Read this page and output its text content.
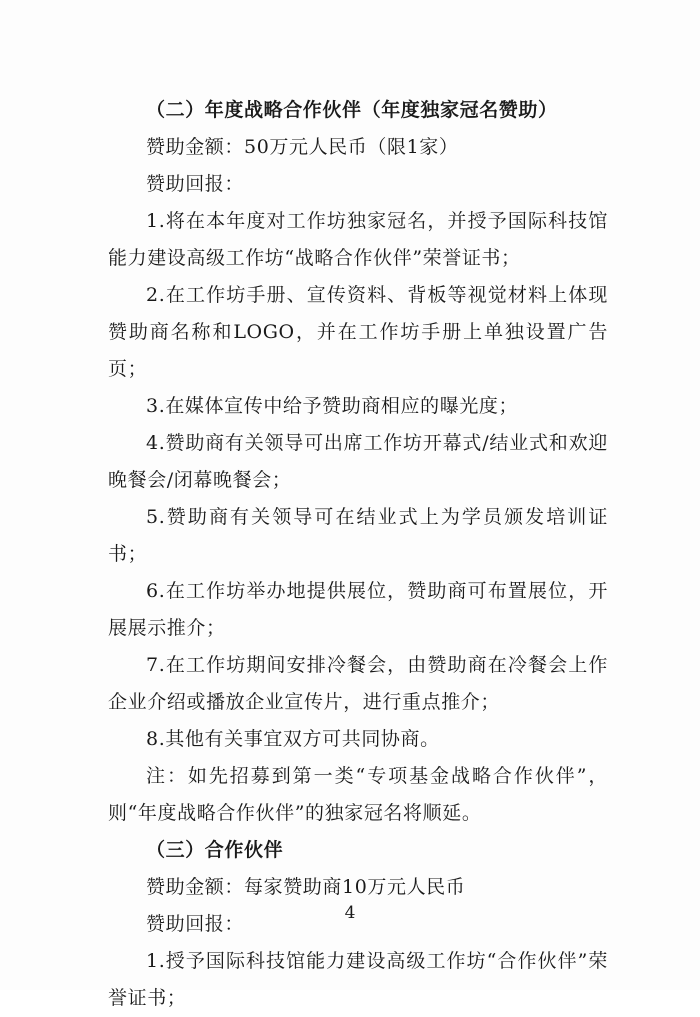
（二）年度战略合作伙伴（年度独家冠名赞助）

赞助金额：50万元人民币（限1家）

赞助回报：

1.将在本年度对工作坊独家冠名，并授予国际科技馆能力建设高级工作坊“战略合作伙伴”荣誉证书；

2.在工作坊手册、宣传资料、背板等视觉材料上体现赞助商名称和LOGO，并在工作坊手册上单独设置广告页；

3.在媒体宣传中给予赞助商相应的曝光度；

4.赞助商有关领导可出席工作坊开幕式/结业式和欢迎晚餐会/闭幕晚餐会；

5.赞助商有关领导可在结业式上为学员颁发培训证书；

6.在工作坊举办地提供展位，赞助商可布置展位，开展展示推介；

7.在工作坊期间安排冷餐会，由赞助商在冷餐会上作企业介绍或播放企业宣传片，进行重点推介；

8.其他有关事宜双方可共同协商。

注：如先招募到第一类“专项基金战略合作伙伴”，则“年度战略合作伙伴”的独家冠名将顺延。

（三）合作伙伴

赞助金额：每家赞助商10万元人民币

赞助回报：

1.授予国际科技馆能力建设高级工作坊“合作伙伴”荣誉证书；

4
